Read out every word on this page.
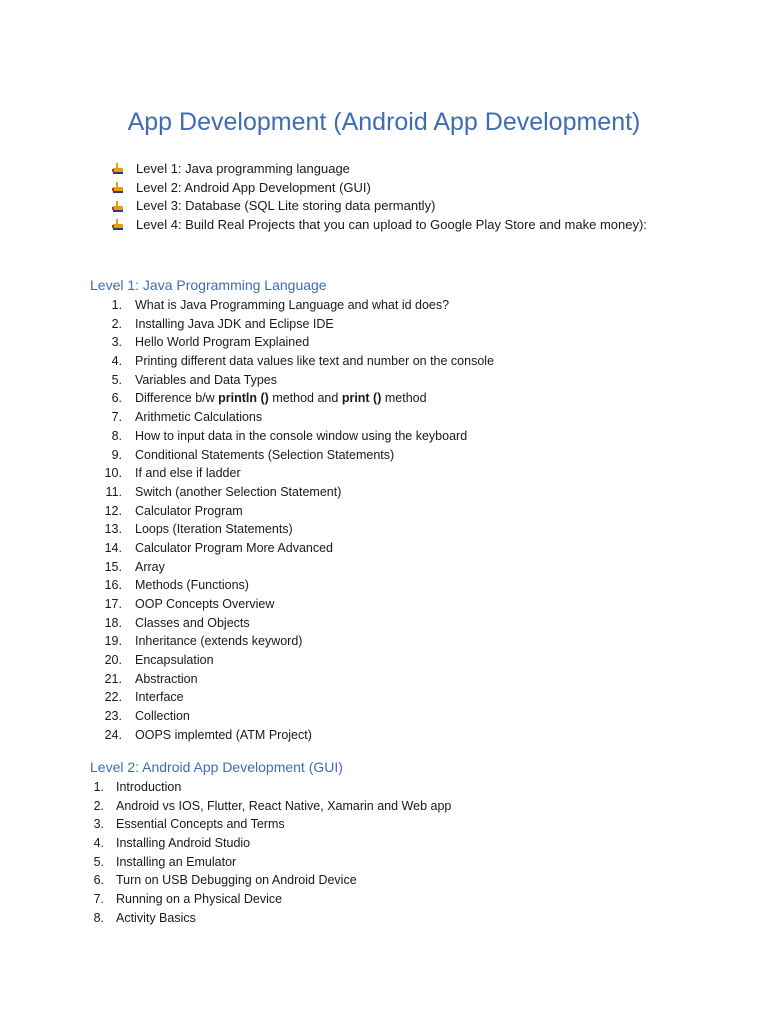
App Development (Android App Development)
Level 1: Java programming language
Level 2: Android App Development (GUI)
Level 3: Database (SQL Lite storing data permantly)
Level 4: Build Real Projects that you can upload to Google Play Store and make money):
Level 1: Java Programming Language
1. What is Java Programming Language and what id does?
2. Installing Java JDK and Eclipse IDE
3. Hello World Program Explained
4. Printing different data values like text and number on the console
5. Variables and Data Types
6. Difference b/w println () method and print () method
7. Arithmetic Calculations
8. How to input data in the console window using the keyboard
9. Conditional Statements (Selection Statements)
10. If and else if ladder
11. Switch (another Selection Statement)
12. Calculator Program
13. Loops (Iteration Statements)
14. Calculator Program More Advanced
15. Array
16. Methods (Functions)
17. OOP Concepts Overview
18. Classes and Objects
19. Inheritance (extends keyword)
20. Encapsulation
21. Abstraction
22. Interface
23. Collection
24. OOPS implemted (ATM Project)
Level 2: Android App Development (GUI)
1. Introduction
2. Android vs IOS, Flutter, React Native, Xamarin and Web app
3. Essential Concepts and Terms
4. Installing Android Studio
5. Installing an Emulator
6. Turn on USB Debugging on Android Device
7. Running on a Physical Device
8. Activity Basics
